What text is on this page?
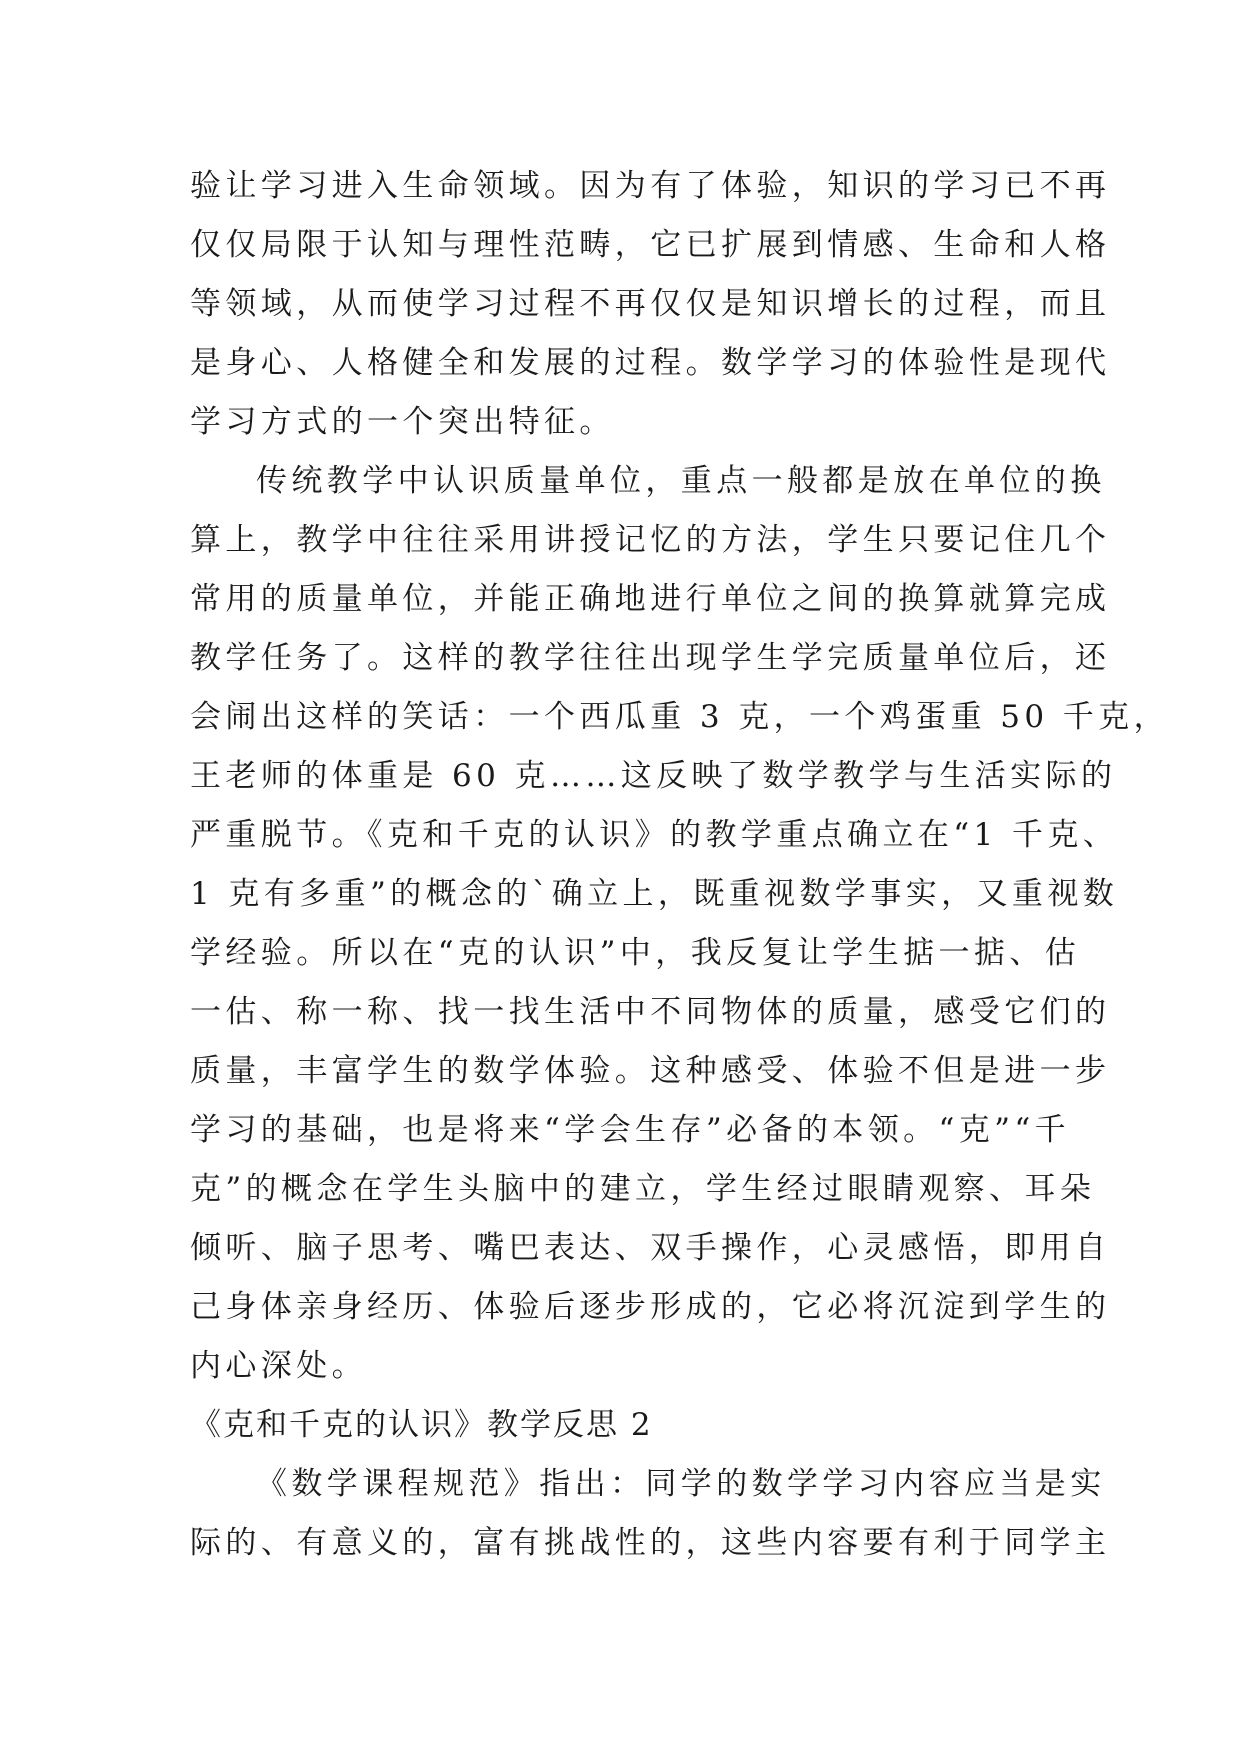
验让学习进入生命领域。因为有了体验，知识的学习已不再
仅仅局限于认知与理性范畴，它已扩展到情感、生命和人格
等领域，从而使学习过程不再仅仅是知识增长的过程，而且
是身心、人格健全和发展的过程。数学学习的体验性是现代
学习方式的一个突出特征。
传统教学中认识质量单位，重点一般都是放在单位的换
算上，教学中往往采用讲授记忆的方法，学生只要记住几个
常用的质量单位，并能正确地进行单位之间的换算就算完成
教学任务了。这样的教学往往出现学生学完质量单位后，还
会闹出这样的笑话：一个西瓜重 3 克，一个鸡蛋重 50 千克，
王老师的体重是 60 克……这反映了数学教学与生活实际的
严重脱节。《克和千克的认识》的教学重点确立在“1 千克、
1 克有多重”的概念的`确立上，既重视数学事实，又重视数
学经验。所以在“克的认识”中，我反复让学生掂一掂、估
一估、称一称、找一找生活中不同物体的质量，感受它们的
质量，丰富学生的数学体验。这种感受、体验不但是进一步
学习的基础，也是将来“学会生存”必备的本领。“克”“千
克”的概念在学生头脑中的建立，学生经过眼睛观察、耳朵
倾听、脑子思考、嘴巴表达、双手操作，心灵感悟，即用自
己身体亲身经历、体验后逐步形成的，它必将沉淀到学生的
内心深处。
《克和千克的认识》教学反思 2
《数学课程规范》指出：同学的数学学习内容应当是实
际的、有意义的，富有挑战性的，这些内容要有利于同学主
